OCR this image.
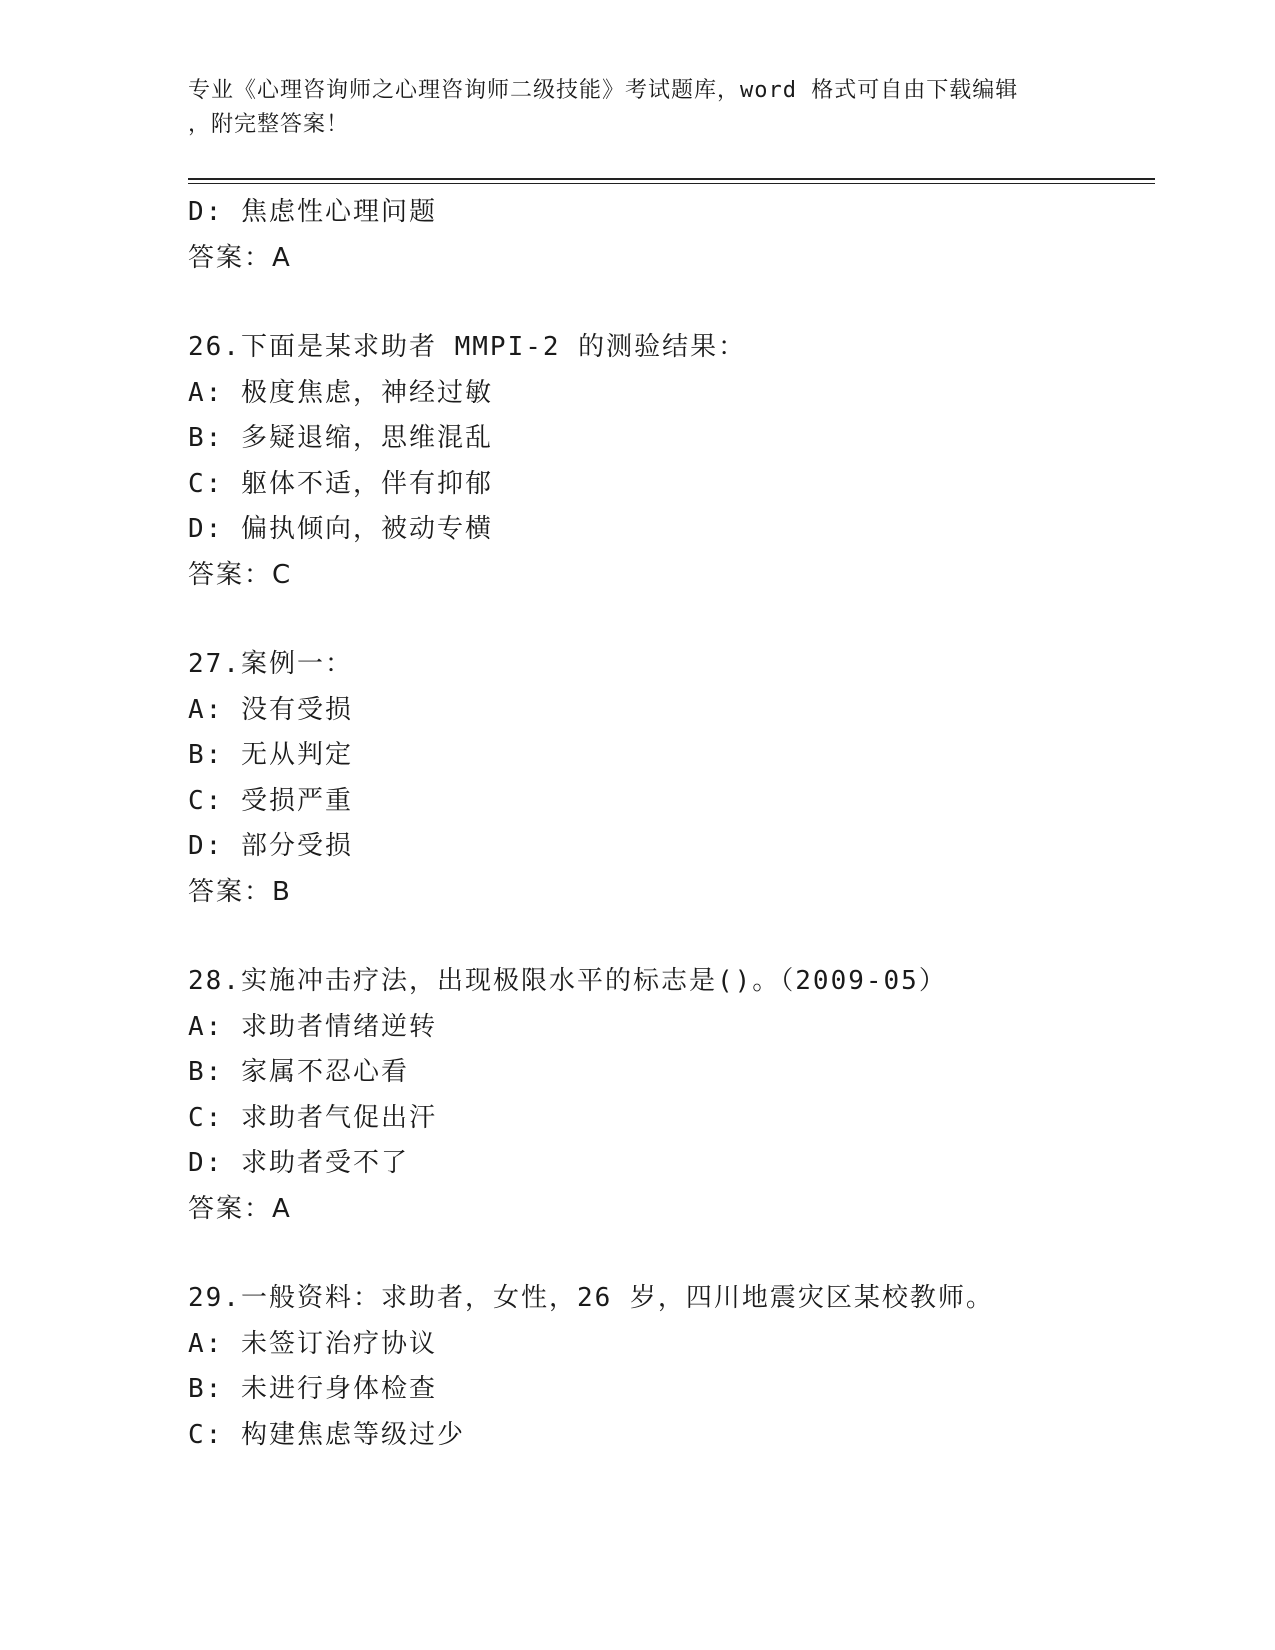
专业《心理咨询师之心理咨询师二级技能》考试题库，word 格式可自由下载编辑
，附完整答案！
D: 焦虑性心理问题
答案：A
26.下面是某求助者 MMPI-2 的测验结果：
A: 极度焦虑，神经过敏
B: 多疑退缩，思维混乱
C: 躯体不适，伴有抑郁
D: 偏执倾向，被动专横
答案：C
27.案例一：
A: 没有受损
B: 无从判定
C: 受损严重
D: 部分受损
答案：B
28.实施冲击疗法，出现极限水平的标志是()。（2009-05）
A: 求助者情绪逆转
B: 家属不忍心看
C: 求助者气促出汗
D: 求助者受不了
答案：A
29.一般资料：求助者，女性，26 岁，四川地震灾区某校教师。
A: 未签订治疗协议
B: 未进行身体检查
C: 构建焦虑等级过少
